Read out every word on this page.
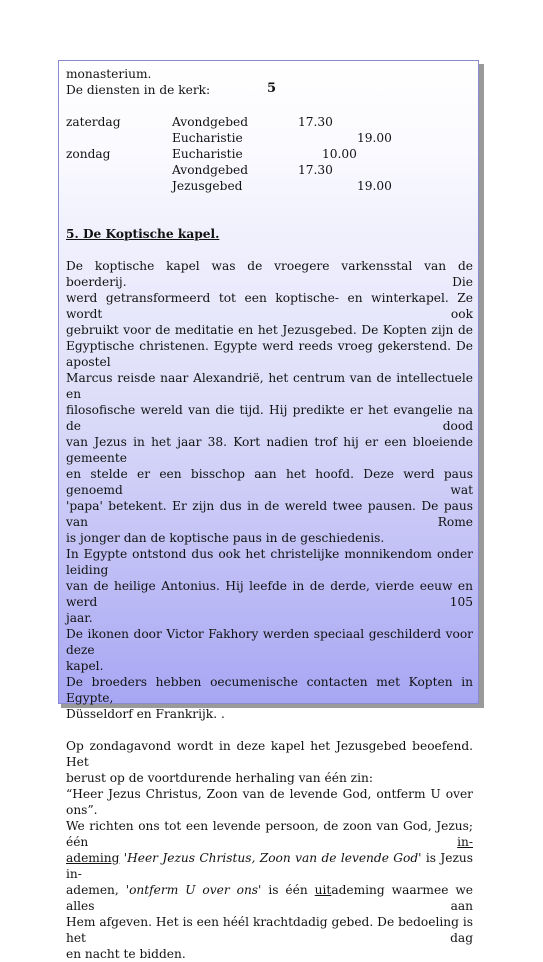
5
monasterium.
De diensten in de kerk:
zaterdag	Avondgebed	17.30
Eucharistie	19.00
zondag	Eucharistie	10.00
Avondgebed	17.30
Jezusgebed	19.00
5. De Koptische kapel.
De koptische kapel was de vroegere varkensstal van de boerderij. Die
werd getransformeerd tot een koptische- en winterkapel. Ze wordt ook
gebruikt voor de meditatie en het Jezusgebed. De Kopten zijn de
Egyptische christenen. Egypte werd reeds vroeg gekerstend. De apostel
Marcus reisde naar Alexandrië, het centrum van de intellectuele en
filosofische wereld van die tijd. Hij predikte er het evangelie na de dood
van Jezus in het jaar 38. Kort nadien trof hij er een bloeiende gemeente
en stelde er een bisschop aan het hoofd. Deze werd paus genoemd wat
'papa' betekent. Er zijn dus in de wereld twee pausen. De paus van Rome
is jonger dan de koptische paus in de geschiedenis.
In Egypte ontstond dus ook het christelijke monnikendom onder leiding
van de heilige Antonius. Hij leefde in de derde, vierde eeuw en werd 105
jaar.
De ikonen door Victor Fakhory werden speciaal geschilderd voor deze
kapel.
De broeders hebben oecumenische contacten met Kopten in Egypte,
Düsseldorf en Frankrijk. .
Op zondagavond wordt in deze kapel het Jezusgebed beoefend. Het
berust op de voortdurende herhaling van één zin:
“Heer Jezus Christus, Zoon van de levende God, ontferm U over ons”.
We richten ons tot een levende persoon, de zoon van God, Jezus; één in-
ademing 'Heer Jezus Christus, Zoon van de levende God' is Jezus in-
ademen, 'ontferm U over ons' is één uitademing waarmee we alles aan
Hem afgeven. Het is een héél krachtdadig gebed. De bedoeling is het dag
en nacht te bidden.
